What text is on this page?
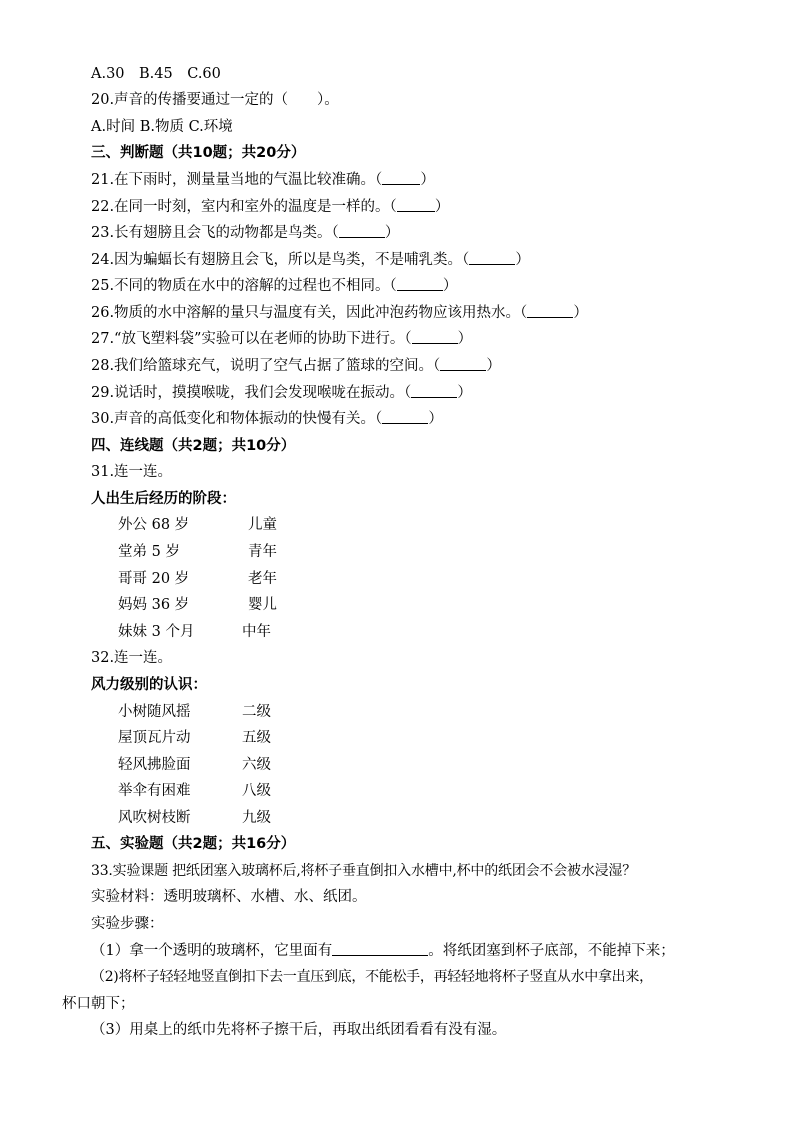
A.30　B.45　C.60
20.声音的传播要通过一定的（　　）。
A.时间 B.物质 C.环境
三、判断题（共10题；共20分）
21.在下雨时，测量量当地的气温比较准确。（	）
22.在同一时刻，室内和室外的温度是一样的。（	）
23.长有翅膀且会飞的动物都是鸟类。（	）
24.因为蝙蝠长有翅膀且会飞，所以是鸟类，不是哺乳类。（	）
25.不同的物质在水中的溶解的过程也不相同。（	）
26.物质的水中溶解的量只与温度有关，因此冲泡药物应该用热水。（	）
27.“放飞塑料袋”实验可以在老师的协助下进行。（	）
28.我们给篮球充气，说明了空气占据了篮球的空间。（	）
29.说话时，摸摸喉咙，我们会发现喉咙在振动。（	）
30.声音的高低变化和物体振动的快慢有关。（	）
四、连线题（共2题；共10分）
31.连一连。
人出生后经历的阶段：
外公 68 岁	儿童
堂弟 5 岁	青年
哥哥 20 岁	老年
妈妈 36 岁	婴儿
妹妹 3 个月	中年
32.连一连。
风力级别的认识：
小树随风摇	二级
屋顶瓦片动	五级
轻风拂脸面	六级
举伞有困难	八级
风吹树枝断	九级
五、实验题（共2题；共16分）
33.实验课题 把纸团塞入玻璃杯后,将杯子垂直倒扣入水槽中,杯中的纸团会不会被水浸湿？
实验材料：透明玻璃杯、水槽、水、纸团。
实验步骤：
（1）拿一个透明的玻璃杯，它里面有	。将纸团塞到杯子底部，不能掉下来；
（2)将杯子轻轻地竖直倒扣下去一直压到底，不能松手，再轻轻地将杯子竖直从水中拿出来，
杯口朝下；
（3）用桌上的纸巾先将杯子擦干后，再取出纸团看看有没有湿。
